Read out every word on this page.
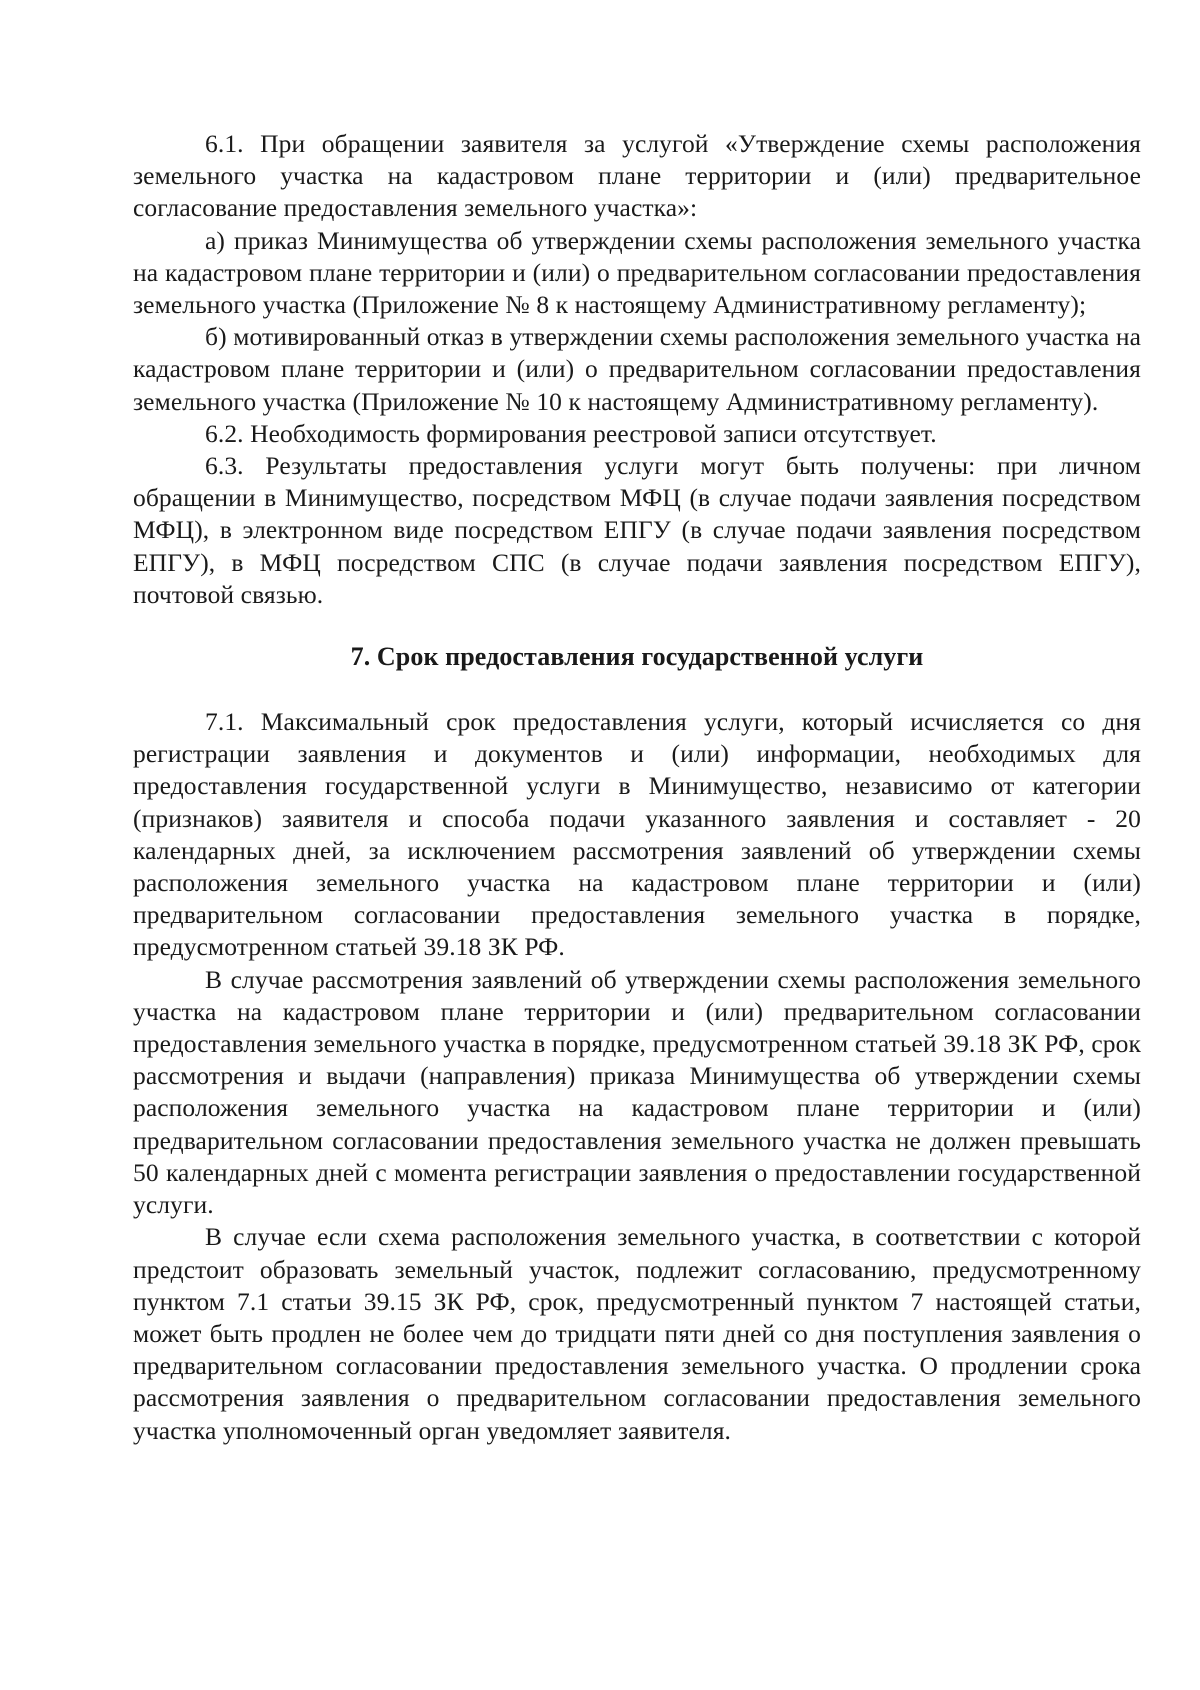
6.1. При обращении заявителя за услугой «Утверждение схемы расположения земельного участка на кадастровом плане территории и (или) предварительное согласование предоставления земельного участка»:

а) приказ Минимущества об утверждении схемы расположения земельного участка на кадастровом плане территории и (или) о предварительном согласовании предоставления земельного участка (Приложение № 8 к настоящему Административному регламенту);

б) мотивированный отказ в утверждении схемы расположения земельного участка на кадастровом плане территории и (или) о предварительном согласовании предоставления земельного участка (Приложение № 10 к настоящему Административному регламенту).

6.2. Необходимость формирования реестровой записи отсутствует.

6.3. Результаты предоставления услуги могут быть получены: при личном обращении в Минимущество, посредством МФЦ (в случае подачи заявления посредством МФЦ), в электронном виде посредством ЕПГУ (в случае подачи заявления посредством ЕПГУ), в МФЦ посредством СПС (в случае подачи заявления посредством ЕПГУ), почтовой связью.

7. Срок предоставления государственной услуги

7.1. Максимальный срок предоставления услуги, который исчисляется со дня регистрации заявления и документов и (или) информации, необходимых для предоставления государственной услуги в Минимущество, независимо от категории (признаков) заявителя и способа подачи указанного заявления и составляет - 20 календарных дней, за исключением рассмотрения заявлений об утверждении схемы расположения земельного участка на кадастровом плане территории и (или) предварительном согласовании предоставления земельного участка в порядке, предусмотренном статьей 39.18 ЗК РФ.

В случае рассмотрения заявлений об утверждении схемы расположения земельного участка на кадастровом плане территории и (или) предварительном согласовании предоставления земельного участка в порядке, предусмотренном статьей 39.18 ЗК РФ, срок рассмотрения и выдачи (направления) приказа Минимущества об утверждении схемы расположения земельного участка на кадастровом плане территории и (или) предварительном согласовании предоставления земельного участка не должен превышать 50 календарных дней с момента регистрации заявления о предоставлении государственной услуги.

В случае если схема расположения земельного участка, в соответствии с которой предстоит образовать земельный участок, подлежит согласованию, предусмотренному пунктом 7.1 статьи 39.15 ЗК РФ, срок, предусмотренный пунктом 7 настоящей статьи, может быть продлен не более чем до тридцати пяти дней со дня поступления заявления о предварительном согласовании предоставления земельного участка. О продлении срока рассмотрения заявления о предварительном согласовании предоставления земельного участка уполномоченный орган уведомляет заявителя.
